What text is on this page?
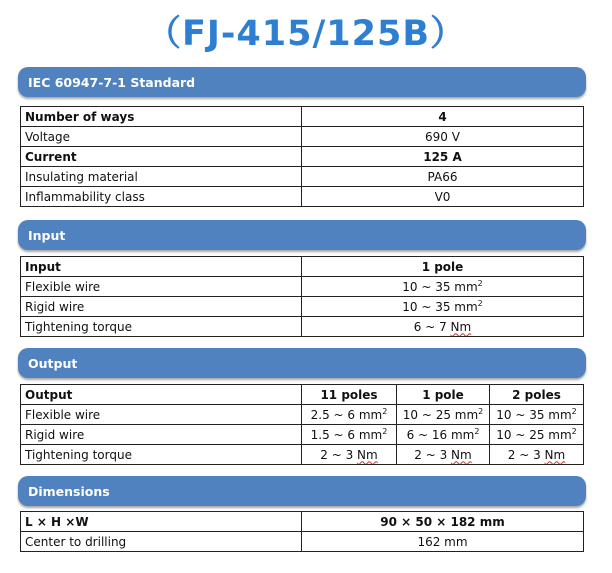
（FJ-415/125B）
IEC 60947-7-1 Standard
Number of ways	4
Voltage	690 V
Current	125 A
Insulating material	PA66
Inflammability class	V0
Input
Input	1 pole
Flexible wire	10 ~ 35 $mm^2$
Rigid wire	10 ~ 35 $mm^2$
Tightening torque	6 ~ 7 Nm
Output
Output	11 poles	1 pole	2 poles
Flexible wire	2.5 ~ 6 $mm^2$	10 ~ 25 $mm^2$	10 ~ 35 $mm^2$
Rigid wire	1.5 ~ 6 $mm^2$	6 ~ 16 $mm^2$	10 ~ 25 $mm^2$
Tightening torque	2 ~ 3 Nm	2 ~ 3 Nm	2 ~ 3 Nm
Dimensions
L × H ×W	90 × 50 × 182 mm
Center to drilling	162 mm
